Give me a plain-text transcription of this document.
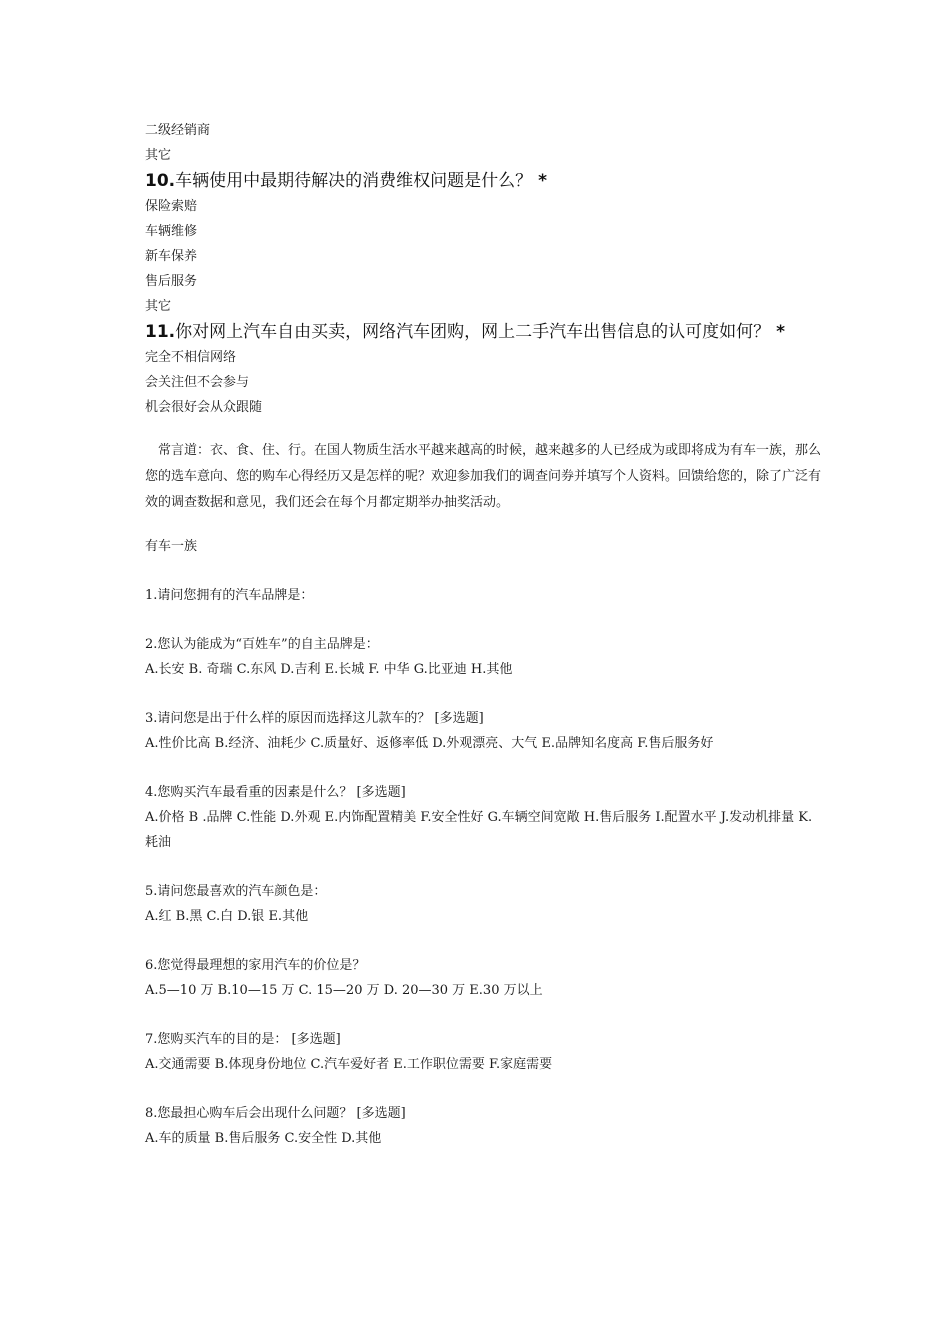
二级经销商

其它

10.车辆使用中最期待解决的消费维权问题是什么？ *

保险索赔

车辆维修

新车保养

售后服务

其它

11.你对网上汽车自由买卖，网络汽车团购，网上二手汽车出售信息的认可度如何？ *

完全不相信网络

会关注但不会参与

机会很好会从众跟随

常言道：衣、食、住、行。在国人物质生活水平越来越高的时候，越来越多的人已经成为或即将成为有车一族，那么您的选车意向、您的购车心得经历又是怎样的呢？欢迎参加我们的调查问券并填写个人资料。回馈给您的，除了广泛有效的调查数据和意见，我们还会在每个月都定期举办抽奖活动。

有车一族

1.请问您拥有的汽车品牌是：

2.您认为能成为“百姓车”的自主品牌是：

A.长安 B. 奇瑞 C.东风 D.吉利 E.长城 F. 中华 G.比亚迪 H.其他

3.请问您是出于什么样的原因而选择这儿款车的？ [多选题]

A.性价比高 B.经济、油耗少 C.质量好、返修率低 D.外观漂亮、大气 E.品牌知名度高 F.售后服务好

4.您购买汽车最看重的因素是什么？ [多选题]

A.价格 B .品牌 C.性能 D.外观 E.内饰配置精美 F.安全性好 G.车辆空间宽敞 H.售后服务 I.配置水平 J.发动机排量 K.耗油

5.请问您最喜欢的汽车颜色是：

A.红 B.黑 C.白 D.银 E.其他

6.您觉得最理想的家用汽车的价位是？

A.5—10 万 B.10—15 万 C. 15—20 万 D. 20—30 万 E.30 万以上

7.您购买汽车的目的是： [多选题]

A.交通需要 B.体现身份地位 C.汽车爱好者 E.工作职位需要 F.家庭需要

8.您最担心购车后会出现什么问题？ [多选题]

A.车的质量 B.售后服务 C.安全性 D.其他
